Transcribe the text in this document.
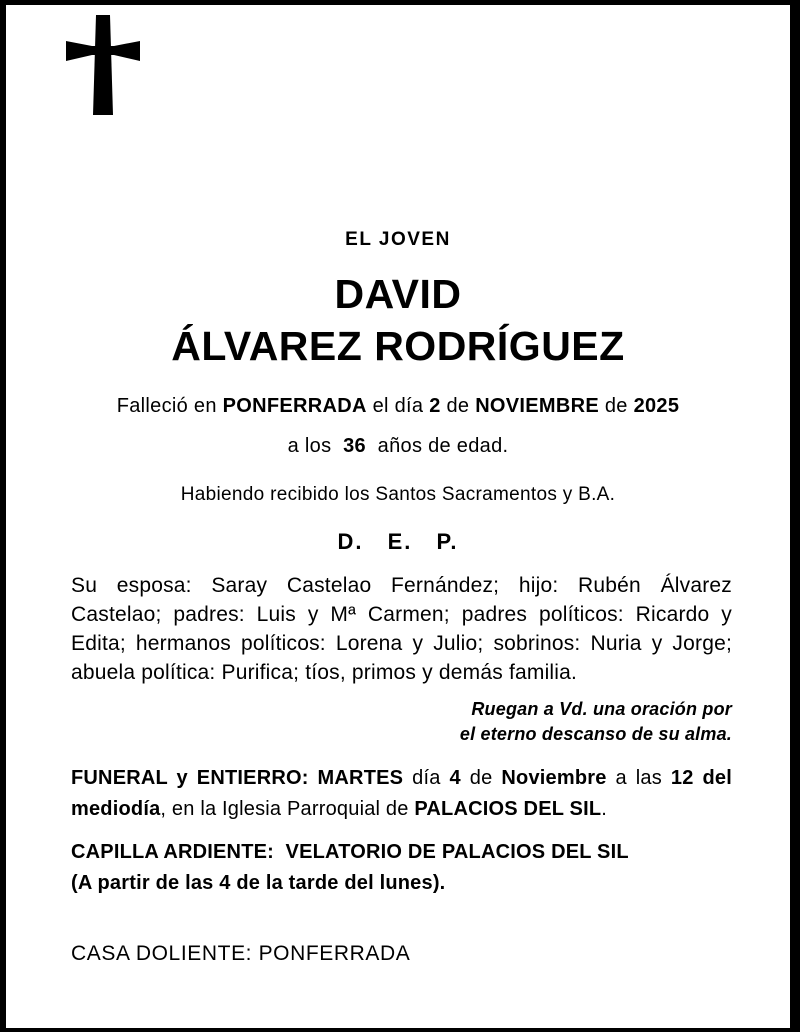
EL JOVEN
DAVID
ÁLVAREZ RODRÍGUEZ
Falleció en PONFERRADA el día 2 de NOVIEMBRE de 2025
a los  36  años de edad.
Habiendo recibido los Santos Sacramentos y B.A.
D. E. P.
Su esposa: Saray Castelao Fernández; hijo: Rubén Álvarez Castelao; padres: Luis y Mª Carmen; padres políticos: Ricardo y Edita; hermanos políticos: Lorena y Julio; sobrinos: Nuria y Jorge; abuela política: Purifica; tíos, primos y demás familia.
Ruegan a Vd. una oración por
el eterno descanso de su alma.
FUNERAL y ENTIERRO: MARTES día 4 de Noviembre a las 12 del mediodía, en la Iglesia Parroquial de PALACIOS DEL SIL.
CAPILLA ARDIENTE:  VELATORIO DE PALACIOS DEL SIL
(A partir de las 4 de la tarde del lunes).
CASA DOLIENTE: PONFERRADA
